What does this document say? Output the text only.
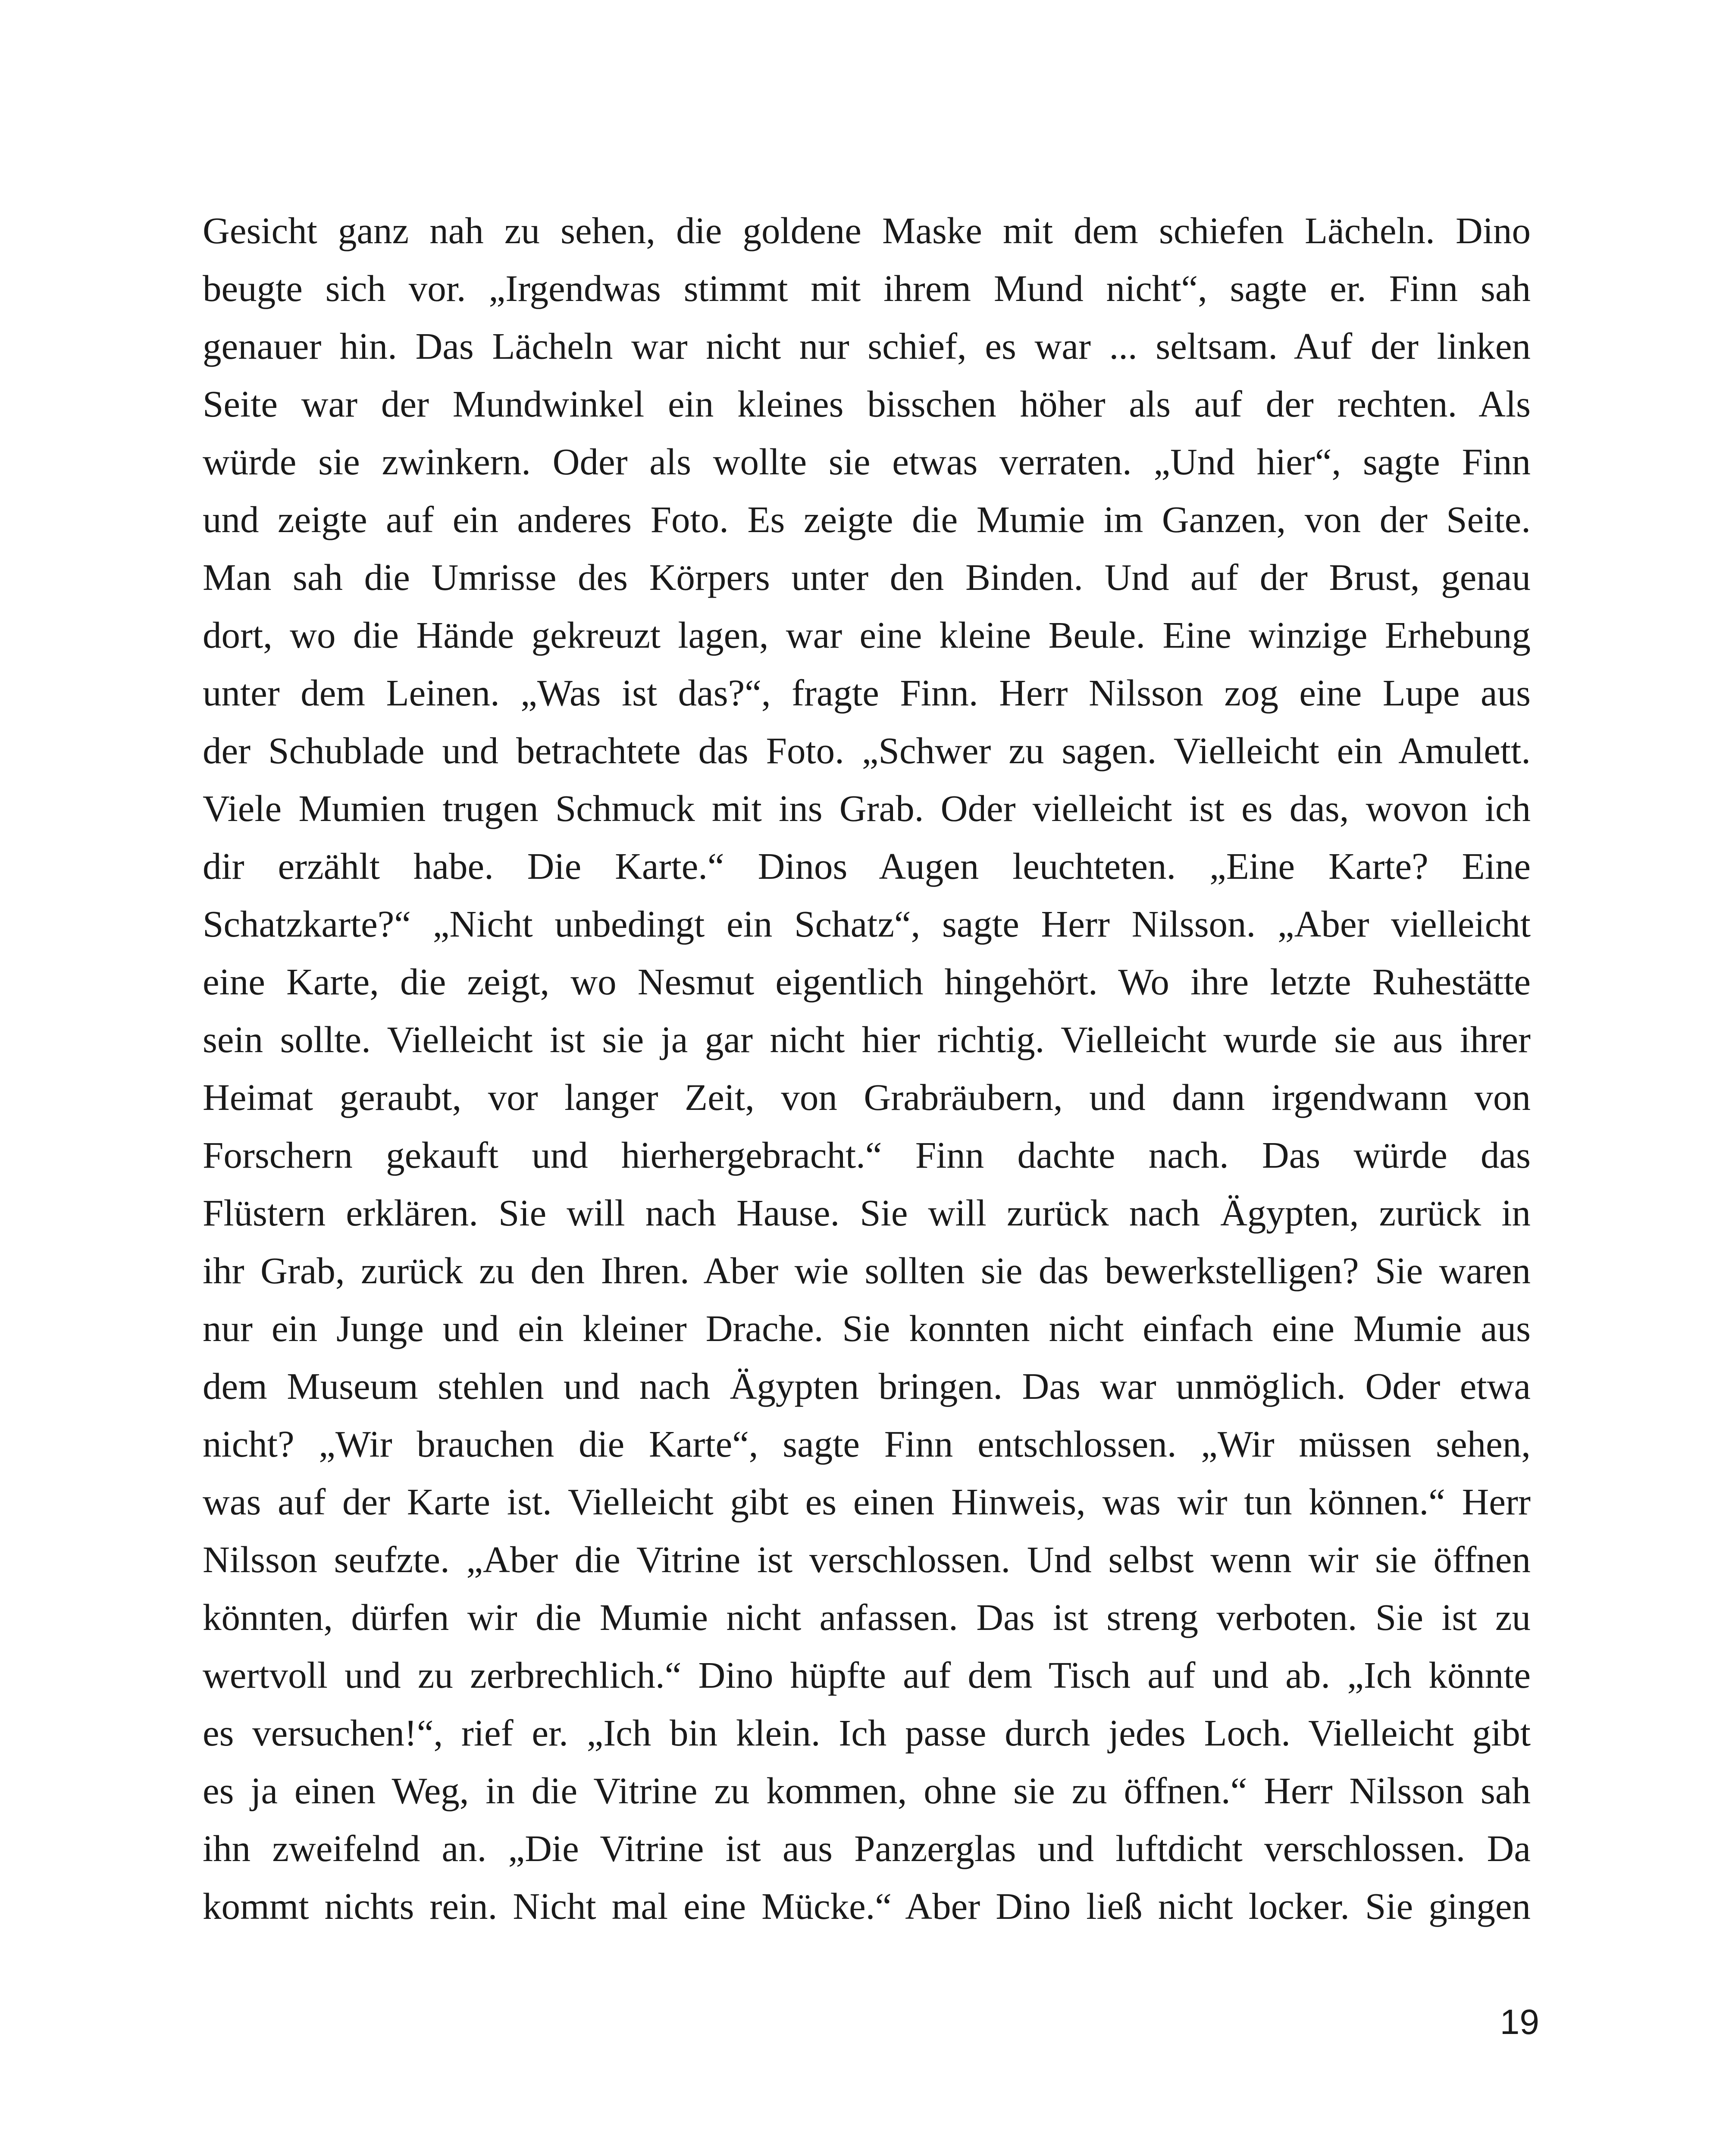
Gesicht ganz nah zu sehen, die goldene Maske mit dem schiefen Lächeln. Dino
beugte sich vor. „Irgendwas stimmt mit ihrem Mund nicht“, sagte er. Finn sah
genauer hin. Das Lächeln war nicht nur schief, es war ... seltsam. Auf der linken
Seite war der Mundwinkel ein kleines bisschen höher als auf der rechten. Als
würde sie zwinkern. Oder als wollte sie etwas verraten. „Und hier“, sagte Finn
und zeigte auf ein anderes Foto. Es zeigte die Mumie im Ganzen, von der Seite.
Man sah die Umrisse des Körpers unter den Binden. Und auf der Brust, genau
dort, wo die Hände gekreuzt lagen, war eine kleine Beule. Eine winzige Erhebung
unter dem Leinen. „Was ist das?“, fragte Finn. Herr Nilsson zog eine Lupe aus
der Schublade und betrachtete das Foto. „Schwer zu sagen. Vielleicht ein Amulett.
Viele Mumien trugen Schmuck mit ins Grab. Oder vielleicht ist es das, wovon ich
dir erzählt habe. Die Karte.“ Dinos Augen leuchteten. „Eine Karte? Eine
Schatzkarte?“ „Nicht unbedingt ein Schatz“, sagte Herr Nilsson. „Aber vielleicht
eine Karte, die zeigt, wo Nesmut eigentlich hingehört. Wo ihre letzte Ruhestätte
sein sollte. Vielleicht ist sie ja gar nicht hier richtig. Vielleicht wurde sie aus ihrer
Heimat geraubt, vor langer Zeit, von Grabräubern, und dann irgendwann von
Forschern gekauft und hierhergebracht.“ Finn dachte nach. Das würde das
Flüstern erklären. Sie will nach Hause. Sie will zurück nach Ägypten, zurück in
ihr Grab, zurück zu den Ihren. Aber wie sollten sie das bewerkstelligen? Sie waren
nur ein Junge und ein kleiner Drache. Sie konnten nicht einfach eine Mumie aus
dem Museum stehlen und nach Ägypten bringen. Das war unmöglich. Oder etwa
nicht? „Wir brauchen die Karte“, sagte Finn entschlossen. „Wir müssen sehen,
was auf der Karte ist. Vielleicht gibt es einen Hinweis, was wir tun können.“ Herr
Nilsson seufzte. „Aber die Vitrine ist verschlossen. Und selbst wenn wir sie öffnen
könnten, dürfen wir die Mumie nicht anfassen. Das ist streng verboten. Sie ist zu
wertvoll und zu zerbrechlich.“ Dino hüpfte auf dem Tisch auf und ab. „Ich könnte
es versuchen!“, rief er. „Ich bin klein. Ich passe durch jedes Loch. Vielleicht gibt
es ja einen Weg, in die Vitrine zu kommen, ohne sie zu öffnen.“ Herr Nilsson sah
ihn zweifelnd an. „Die Vitrine ist aus Panzerglas und luftdicht verschlossen. Da
kommt nichts rein. Nicht mal eine Mücke.“ Aber Dino ließ nicht locker. Sie gingen
19
